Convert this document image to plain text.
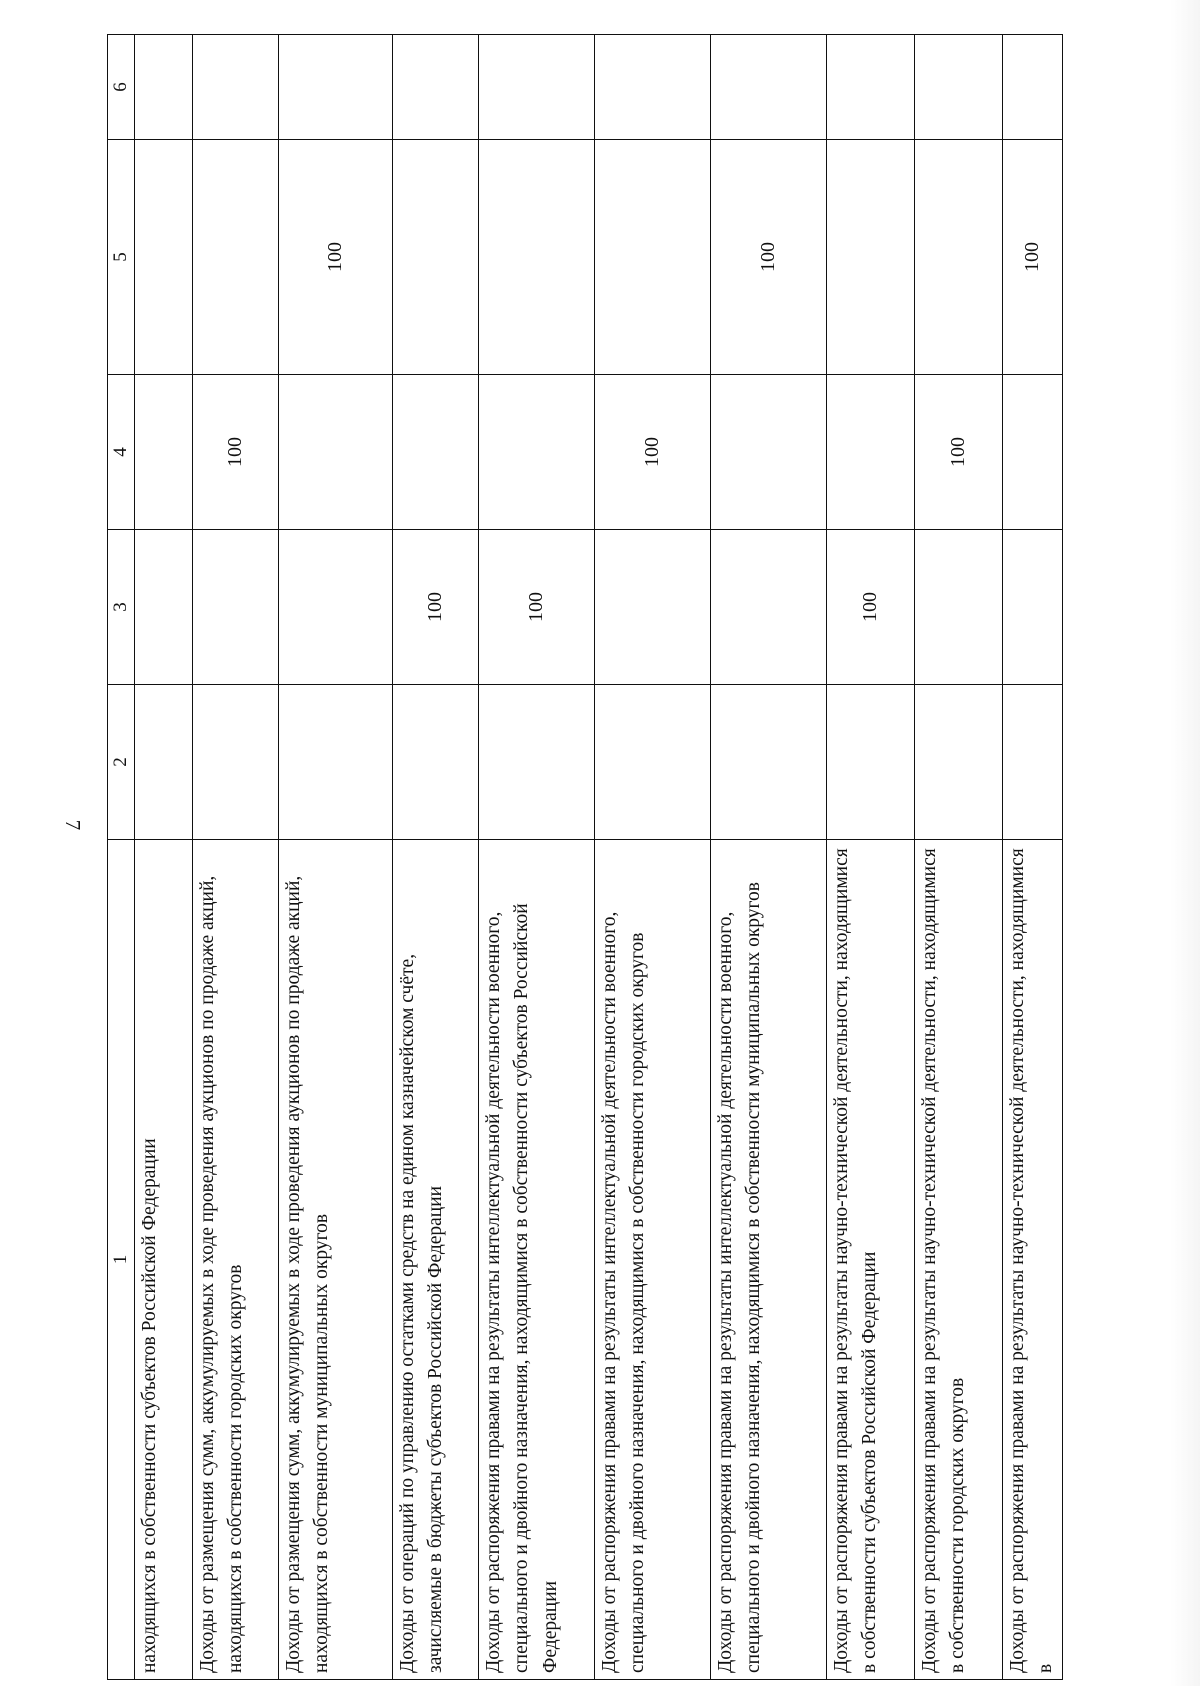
7
1	2	3	4	5	6
находящихся в собственности субъектов Российской Федерации					
Доходы от размещения сумм, аккумулируемых в ходе проведения аукционов по продаже акций, находящихся в собственности городских округов			100		
Доходы от размещения сумм, аккумулируемых в ходе проведения аукционов по продаже акций, находящихся в собственности муниципальных округов				100	
Доходы от операций по управлению остатками средств на едином казначейском счёте, зачисляемые в бюджеты субъектов Российской Федерации		100			
Доходы от распоряжения правами на результаты интеллектуальной деятельности военного, специального и двойного назначения, находящимися в собственности субъектов Российской Федерации		100			
Доходы от распоряжения правами на результаты интеллектуальной деятельности военного, специального и двойного назначения, находящимися в собственности городских округов			100		
Доходы от распоряжения правами на результаты интеллектуальной деятельности военного, специального и двойного назначения, находящимися в собственности муниципальных округов				100	
Доходы от распоряжения правами на результаты научно-технической деятельности, находящимися в собственности субъектов Российской Федерации		100			
Доходы от распоряжения правами на результаты научно-технической деятельности, находящимися в собственности городских округов			100		
Доходы от распоряжения правами на результаты научно-технической деятельности, находящимися в				100	
